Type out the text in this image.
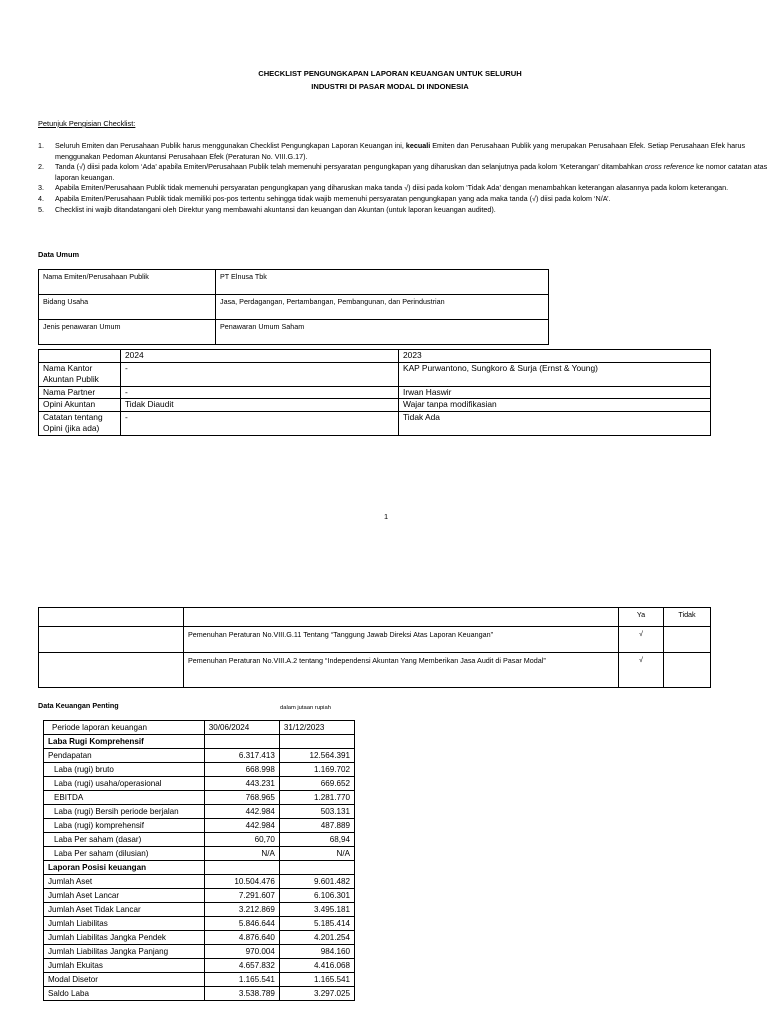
CHECKLIST PENGUNGKAPAN LAPORAN KEUANGAN UNTUK SELURUH
INDUSTRI DI PASAR MODAL DI INDONESIA
Petunjuk Pengisian Checklist:
1. Seluruh Emiten dan Perusahaan Publik harus menggunakan Checklist Pengungkapan Laporan Keuangan ini, kecuali Emiten dan Perusahaan Publik yang merupakan Perusahaan Efek. Setiap Perusahaan Efek harus menggunakan Pedoman Akuntansi Perusahaan Efek (Peraturan No. VIII.G.17).
2. Tanda (√) diisi pada kolom ‘Ada’ apabila Emiten/Perusahaan Publik telah memenuhi persyaratan pengungkapan yang diharuskan dan selanjutnya pada kolom ‘Keterangan’ ditambahkan cross reference ke nomor catatan atas laporan keuangan.
3. Apabila Emiten/Perusahaan Publik tidak memenuhi persyaratan pengungkapan yang diharuskan maka tanda √) diisi pada kolom ‘Tidak Ada’ dengan menambahkan keterangan alasannya pada kolom keterangan.
4. Apabila Emiten/Perusahaan Publik tidak memiliki pos-pos tertentu sehingga tidak wajib memenuhi persyaratan pengungkapan yang ada maka tanda (√) diisi pada kolom ‘N/A’.
5. Checklist ini wajib ditandatangani oleh Direktur yang membawahi akuntansi dan keuangan dan Akuntan (untuk laporan keuangan audited).
Data Umum
Nama Emiten/Perusahaan Publik	PT Elnusa Tbk
Bidang Usaha	Jasa, Perdagangan, Pertambangan, Pembangunan, dan Perindustrian
Jenis penawaran Umum	Penawaran Umum Saham
	2024	2023
Nama Kantor Akuntan Publik	-	KAP Purwantono, Sungkoro & Surja (Ernst & Young)
Nama Partner	-	Irwan Haswir
Opini Akuntan	Tidak Diaudit	Wajar tanpa modifikasian
Catatan tentang Opini (jika ada)	-	Tidak Ada
1
		Ya	Tidak
	Pemenuhan Peraturan No.VIII.G.11 Tentang “Tanggung Jawab Direksi Atas Laporan Keuangan”	√	
	Pemenuhan Peraturan No.VIII.A.2 tentang “Independensi Akuntan Yang Memberikan Jasa Audit di Pasar Modal”	√	
Data Keuangan Penting	dalam jutaan rupiah
Periode laporan keuangan	30/06/2024	31/12/2023
Laba Rugi Komprehensif		
Pendapatan	6.317.413	12.564.391
Laba (rugi) bruto	668.998	1.169.702
Laba (rugi) usaha/operasional	443.231	669.652
EBITDA	768.965	1.281.770
Laba (rugi) Bersih periode berjalan	442.984	503.131
Laba (rugi) komprehensif	442.984	487.889
Laba Per saham (dasar)	60,70	68,94
Laba Per saham (dilusian)	N/A	N/A
Laporan Posisi keuangan		
Jumlah Aset	10.504.476	9.601.482
Jumlah Aset Lancar	7.291.607	6.106.301
Jumlah Aset Tidak Lancar	3.212.869	3.495.181
Jumlah Liabilitas	5.846.644	5.185.414
Jumlah Liabilitas Jangka Pendek	4.876.640	4.201.254
Jumlah Liabilitas Jangka Panjang	970.004	984.160
Jumlah Ekuitas	4.657.832	4.416.068
Modal Disetor	1.165.541	1.165.541
Saldo Laba	3.538.789	3.297.025
